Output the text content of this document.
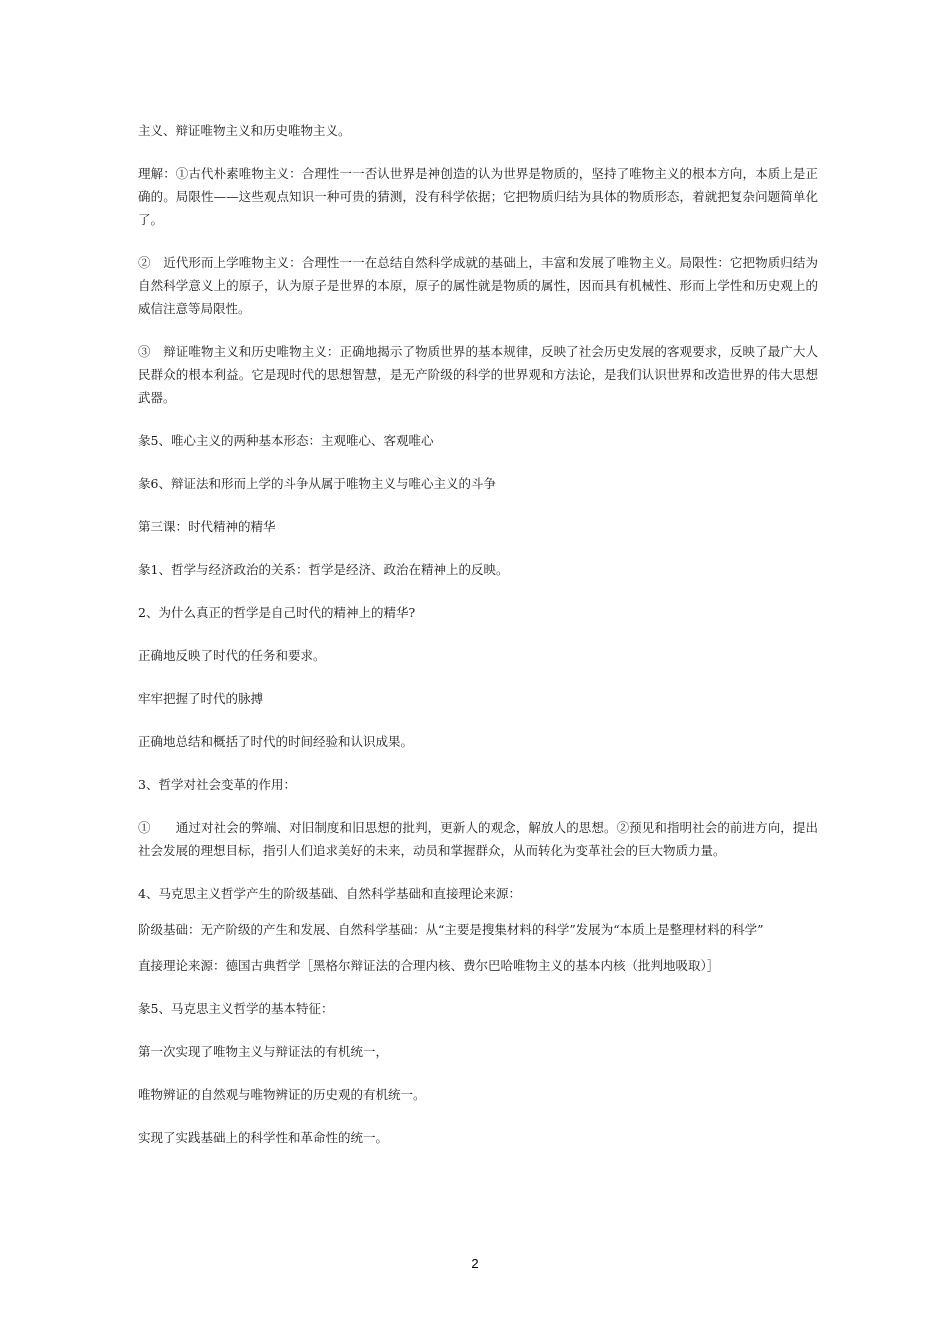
主义、辩证唯物主义和历史唯物主义。

理解：①古代朴素唯物主义：合理性一一否认世界是神创造的认为世界是物质的，坚持了唯物主义的根本方向，本质上是正确的。局限性——这些观点知识一种可贵的猜测，没有科学依据；它把物质归结为具体的物质形态，着就把复杂问题简单化了。

②　近代形而上学唯物主义：合理性一一在总结自然科学成就的基础上，丰富和发展了唯物主义。局限性：它把物质归结为自然科学意义上的原子，认为原子是世界的本原，原子的属性就是物质的属性，因而具有机械性、形而上学性和历史观上的威信注意等局限性。

③　辩证唯物主义和历史唯物主义：正确地揭示了物质世界的基本规律，反映了社会历史发展的客观要求，反映了最广大人民群众的根本利益。它是现时代的思想智慧，是无产阶级的科学的世界观和方法论，是我们认识世界和改造世界的伟大思想武器。

彖5、唯心主义的两种基本形态：主观唯心、客观唯心

彖6、辩证法和形而上学的斗争从属于唯物主义与唯心主义的斗争

第三课：时代精神的精华

彖1、哲学与经济政治的关系：哲学是经济、政治在精神上的反映。

2、为什么真正的哲学是自己时代的精神上的精华?

正确地反映了时代的任务和要求。

牢牢把握了时代的脉搏

正确地总结和概括了时代的时间经验和认识成果。

3、哲学对社会变革的作用：

①　　通过对社会的弊端、对旧制度和旧思想的批判，更新人的观念，解放人的思想。②预见和指明社会的前进方向，提出社会发展的理想目标，指引人们追求美好的未来，动员和掌握群众，从而转化为变革社会的巨大物质力量。

4、马克思主义哲学产生的阶级基础、自然科学基础和直接理论来源：

阶级基础：无产阶级的产生和发展、自然科学基础：从“主要是搜集材料的科学”发展为“本质上是整理材料的科学”

直接理论来源：德国古典哲学［黑格尔辩证法的合理内核、费尔巴哈唯物主义的基本内核（批判地吸取）］

彖5、马克思主义哲学的基本特征：

第一次实现了唯物主义与辩证法的有机统一，

唯物辨证的自然观与唯物辨证的历史观的有机统一。

实现了实践基础上的科学性和革命性的统一。

2
